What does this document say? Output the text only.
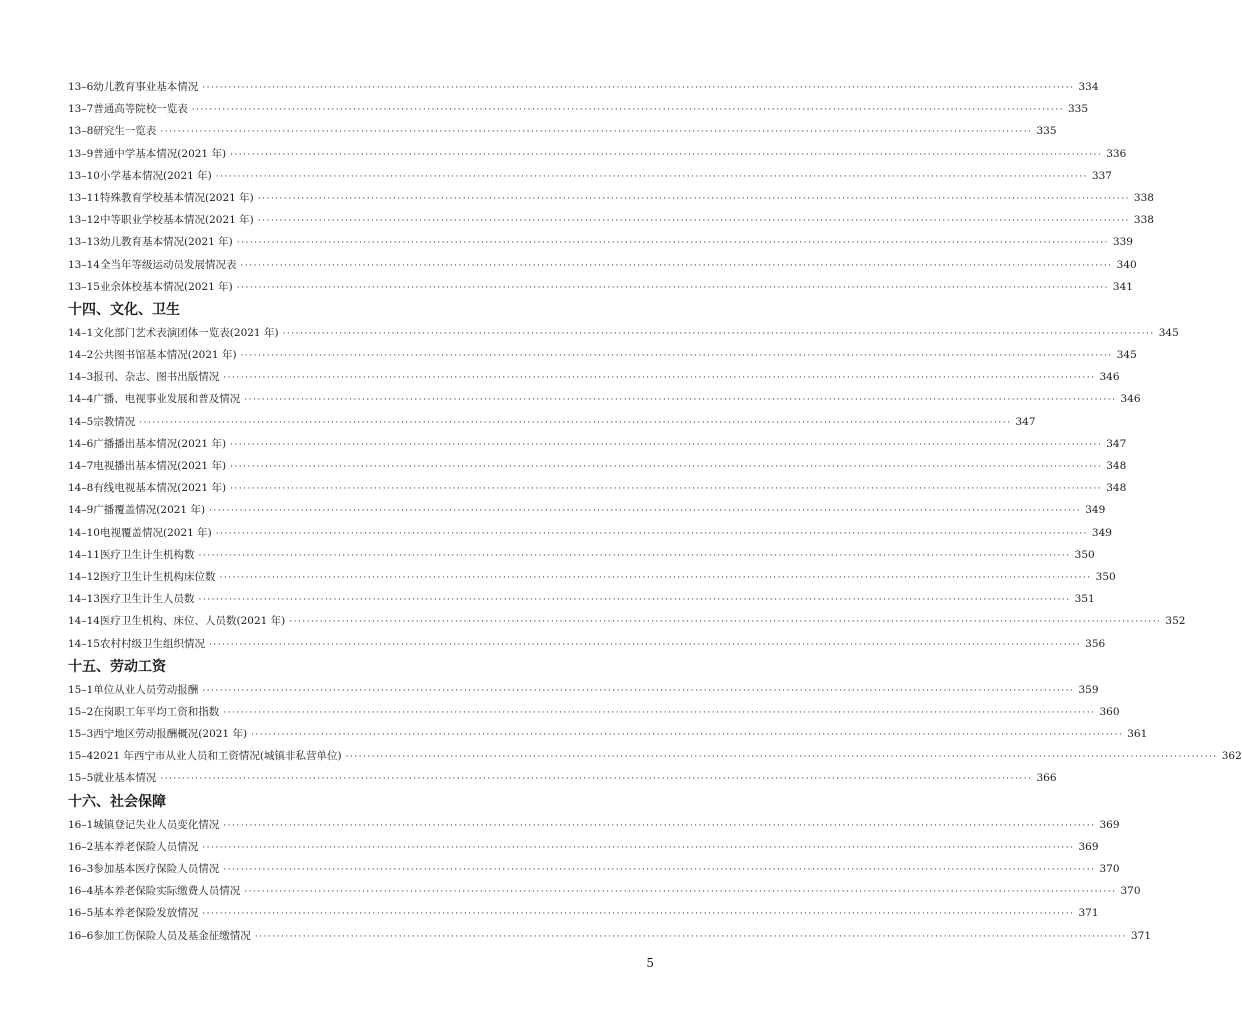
13–6 幼儿教育事业基本情况 ········································································································································································································ 334
13–7 普通高等院校一览表 ········································································································································································································ 335
13–8 研究生一览表 ········································································································································································································ 335
13–9 普通中学基本情况(2021 年) ········································································································································································································ 336
13–10 小学基本情况(2021 年) ········································································································································································································ 337
13–11 特殊教育学校基本情况(2021 年) ········································································································································································································ 338
13–12 中等职业学校基本情况(2021 年) ········································································································································································································ 338
13–13 幼儿教育基本情况(2021 年) ········································································································································································································ 339
13–14 全当年等级运动员发展情况表 ········································································································································································································ 340
13–15 业余体校基本情况(2021 年) ········································································································································································································ 341
十四、文化、卫生
14–1 文化部门艺术表演团体一览表(2021 年) ········································································································································································································ 345
14–2 公共图书馆基本情况(2021 年) ········································································································································································································ 345
14–3 报刊、杂志、图书出版情况 ········································································································································································································ 346
14–4 广播、电视事业发展和普及情况 ········································································································································································································ 346
14–5 宗教情况 ········································································································································································································ 347
14–6 广播播出基本情况(2021 年) ········································································································································································································ 347
14–7 电视播出基本情况(2021 年) ········································································································································································································ 348
14–8 有线电视基本情况(2021 年) ········································································································································································································ 348
14–9 广播覆盖情况(2021 年) ········································································································································································································ 349
14–10 电视覆盖情况(2021 年) ········································································································································································································ 349
14–11 医疗卫生计生机构数 ········································································································································································································ 350
14–12 医疗卫生计生机构床位数 ········································································································································································································ 350
14–13 医疗卫生计生人员数 ········································································································································································································ 351
14–14 医疗卫生机构、床位、人员数(2021 年) ········································································································································································································ 352
14–15 农村村级卫生组织情况 ········································································································································································································ 356
十五、劳动工资
15–1 单位从业人员劳动报酬 ········································································································································································································ 359
15–2 在岗职工年平均工资和指数 ········································································································································································································ 360
15–3 西宁地区劳动报酬概况(2021 年) ········································································································································································································ 361
15–4 2021 年西宁市从业人员和工资情况(城镇非私营单位) ········································································································································································································ 362
15–5 就业基本情况 ········································································································································································································ 366
十六、社会保障
16–1 城镇登记失业人员变化情况 ········································································································································································································ 369
16–2 基本养老保险人员情况 ········································································································································································································ 369
16–3 参加基本医疗保险人员情况 ········································································································································································································ 370
16–4 基本养老保险实际缴费人员情况 ········································································································································································································ 370
16–5 基本养老保险发放情况 ········································································································································································································ 371
16–6 参加工伤保险人员及基金征缴情况 ········································································································································································································ 371
5
